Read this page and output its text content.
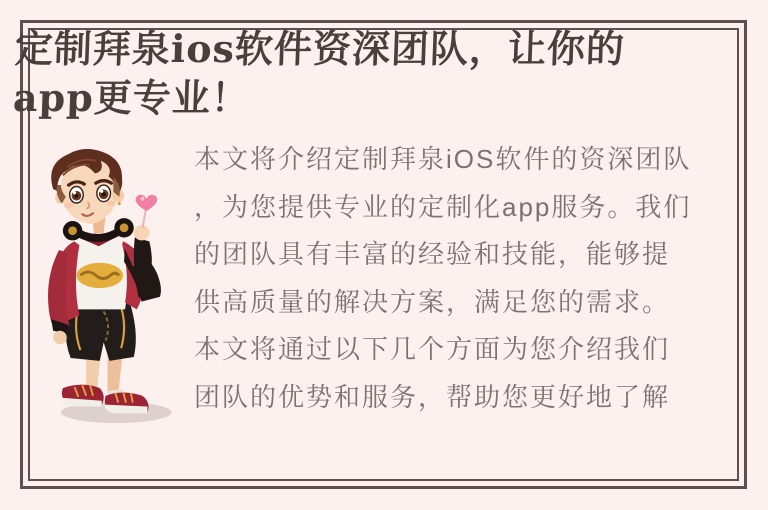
定制拜泉ios软件资深团队，让你的app更专业！
本文将介绍定制拜泉iOS软件的资深团队
，为您提供专业的定制化app服务。我们
的团队具有丰富的经验和技能，能够提
供高质量的解决方案，满足您的需求。
本文将通过以下几个方面为您介绍我们
团队的优势和服务，帮助您更好地了解
